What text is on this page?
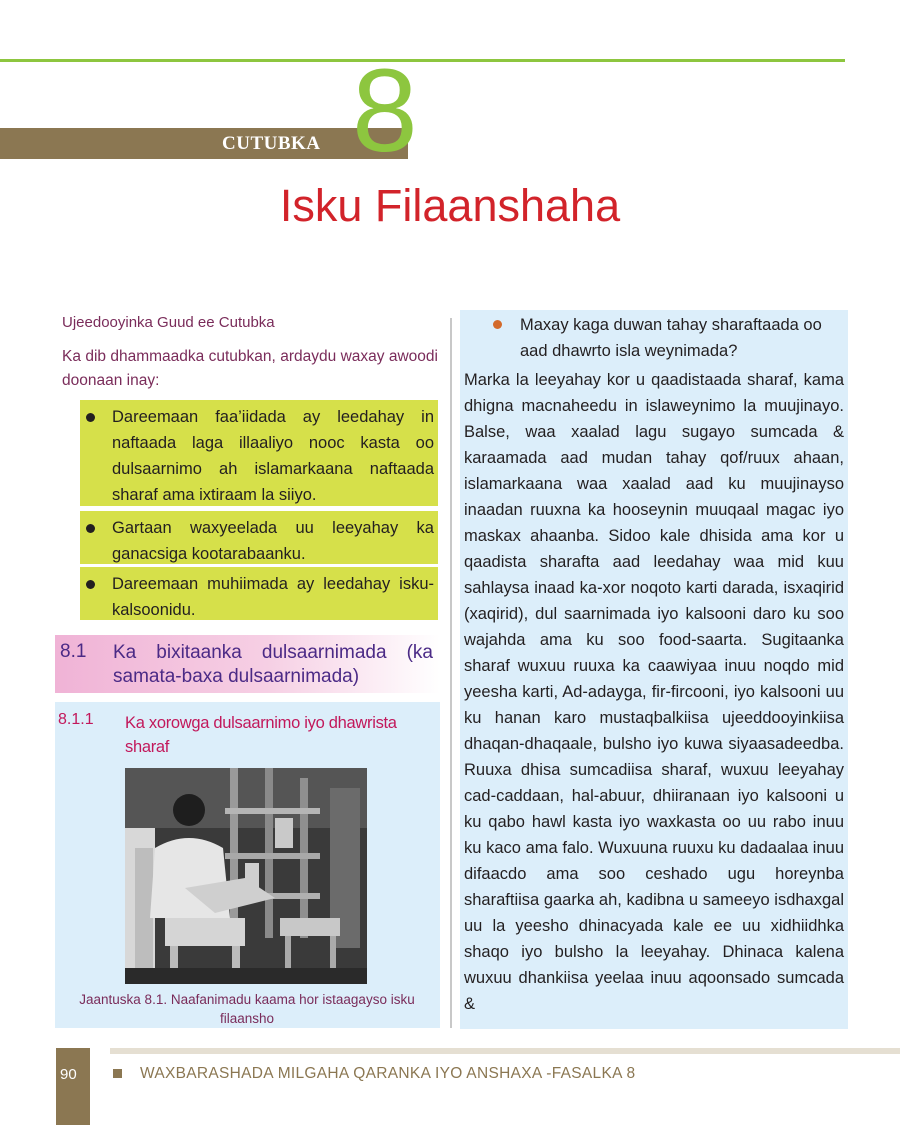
CUTUBKA 8
Isku Filaanshaha
Ujeedooyinka Guud ee Cutubka
Ka dib dhammaadka cutubkan, ardaydu waxay awoodi doonaan inay:
Dareemaan faa’iidada ay leedahay in naftaada laga illaaliyo nooc kasta oo dulsaarnimo ah islamarkaana naftaada sharaf ama ixtiraam la siiyo.
Gartaan waxyeelada uu leeyahay ka ganacsiga kootarabaanku.
Dareemaan muhiimada ay leedahay isku-kalsoonidu.
8.1 Ka bixitaanka dulsaarnimada (ka samata-baxa dulsaarnimada)
8.1.1 Ka xorowga dulsaarnimo iyo dhawrista sharaf
Jaantuska 8.1. Naafanimadu kaama hor istaagayso isku filaansho
Maxay kaga duwan tahay sharaftaada oo aad dhawrto isla weynimada?
Marka la leeyahay kor u qaadistaada sharaf, kama dhigna macnaheedu in islaweynimo la muujinayo. Balse, waa xaalad lagu sugayo sumcada & karaamada aad mudan tahay qof/ruux ahaan, islamarkaana waa xaalad aad ku muujinayso inaadan ruuxna ka hooseynin muuqaal magac iyo maskax ahaanba. Sidoo kale dhisida ama kor u qaadista sharafta aad leedahay waa mid kuu sahlaysa inaad ka-xor noqoto karti darada, isxaqirid (xaqirid), dul saarnimada iyo kalsooni daro ku soo wajahda ama ku soo food-saarta. Sugitaanka sharaf wuxuu ruuxa ka caawiyaa inuu noqdo mid yeesha karti, Ad-adayga, fir-fircooni, iyo kalsooni uu ku hanan karo mustaqbalkiisa ujeeddooyinkiisa dhaqan-dhaqaale, bulsho iyo kuwa siyaasadeedba. Ruuxa dhisa sumcadiisa sharaf, wuxuu leeyahay cad-caddaan, hal-abuur, dhiiranaan iyo kalsooni u ku qabo hawl kasta iyo waxkasta oo uu rabo inuu ku kaco ama falo. Wuxuuna ruuxu ku dadaalaa inuu difaacdo ama soo ceshado ugu horeynba sharaftiisa gaarka ah, kadibna u sameeyo isdhaxgal uu la yeesho dhinacyada kale ee uu xidhiidhka shaqo iyo bulsho la leeyahay. Dhinaca kalena wuxuu dhankiisa yeelaa inuu aqoonsado sumcada &
90	WAXBARASHADA MILGAHA QARANKA IYO ANSHAXA -FASALKA 8
